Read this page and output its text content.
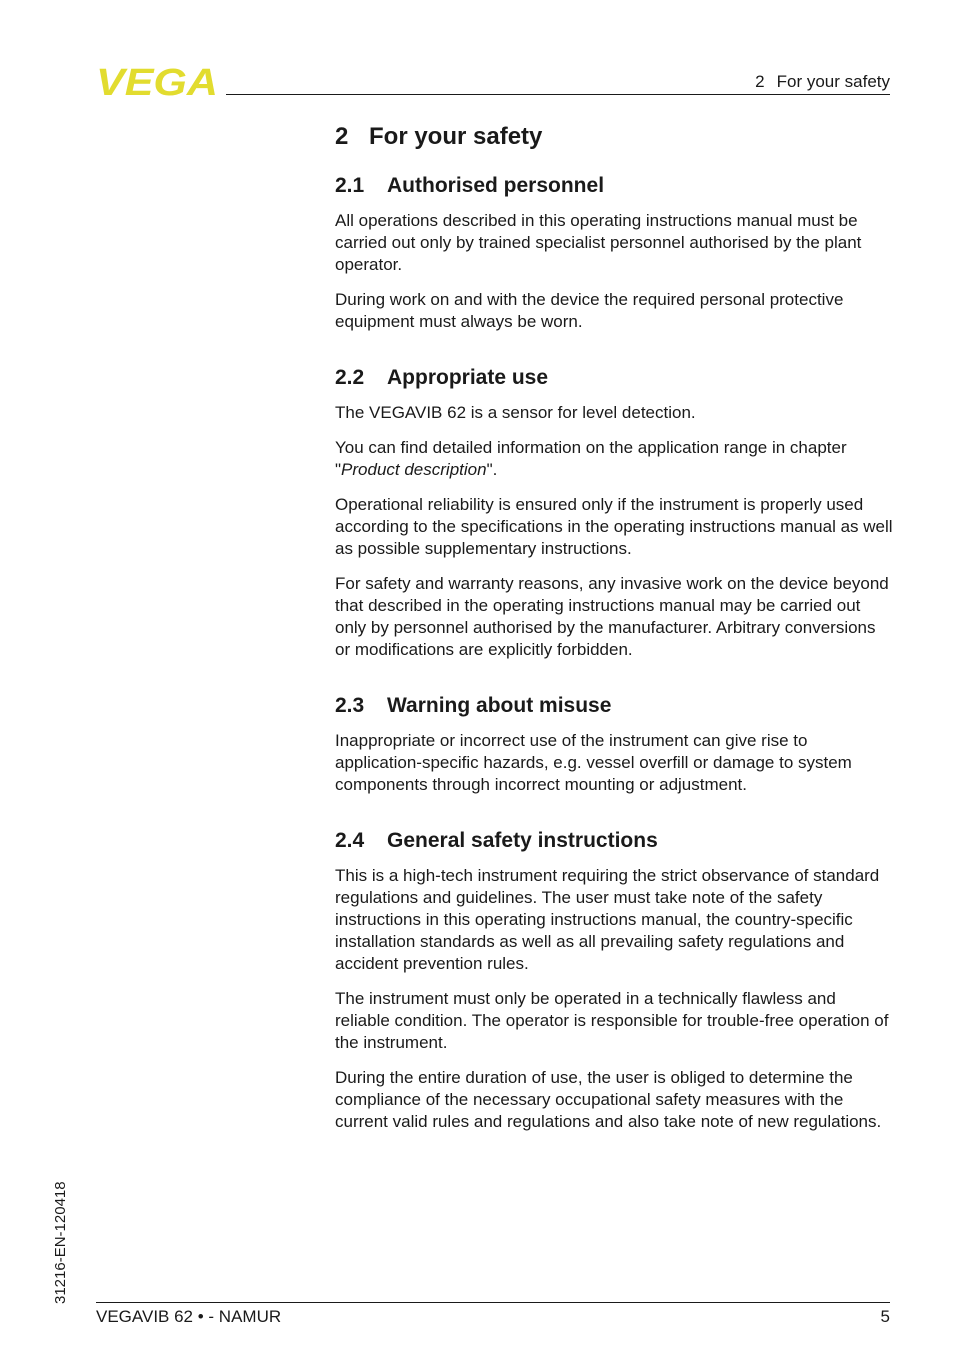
VEGA	2 For your safety
2 For your safety
2.1 Authorised personnel

All operations described in this operating instructions manual must be carried out only by trained specialist personnel authorised by the plant operator.

During work on and with the device the required personal protective equipment must always be worn.

2.2 Appropriate use

The VEGAVIB 62 is a sensor for level detection.

You can find detailed information on the application range in chapter "Product description".

Operational reliability is ensured only if the instrument is properly used according to the specifications in the operating instructions manual as well as possible supplementary instructions.

For safety and warranty reasons, any invasive work on the device beyond that described in the operating instructions manual may be carried out only by personnel authorised by the manufacturer. Arbitrary conversions or modifications are explicitly forbidden.

2.3 Warning about misuse

Inappropriate or incorrect use of the instrument can give rise to application-specific hazards, e.g. vessel overfill or damage to system components through incorrect mounting or adjustment.

2.4 General safety instructions

This is a high-tech instrument requiring the strict observance of standard regulations and guidelines. The user must take note of the safety instructions in this operating instructions manual, the country-specific installation standards as well as all prevailing safety regulations and accident prevention rules.

The instrument must only be operated in a technically flawless and reliable condition. The operator is responsible for trouble-free operation of the instrument.

During the entire duration of use, the user is obliged to determine the compliance of the necessary occupational safety measures with the current valid rules and regulations and also take note of new regulations.

31216-EN-120418
VEGAVIB 62 • - NAMUR	5
